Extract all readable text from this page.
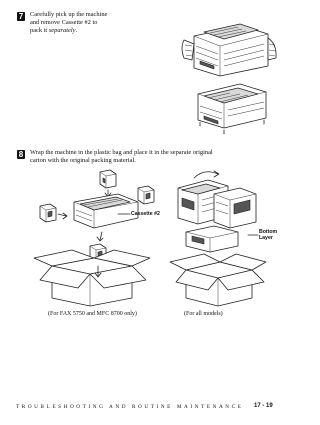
7 Carefully pick up the machine
and remove Cassette #2 to
pack it separately.
8 Wrap the machine in the plastic bag and place it in the separate original
carton with the original packing material.
Cassette #2
Bottom
Layer
(For FAX 5750 and MFC 8700 only)	(For all models)
TROUBLESHOOTING AND ROUTINE MAINTENANCE 17 - 19
